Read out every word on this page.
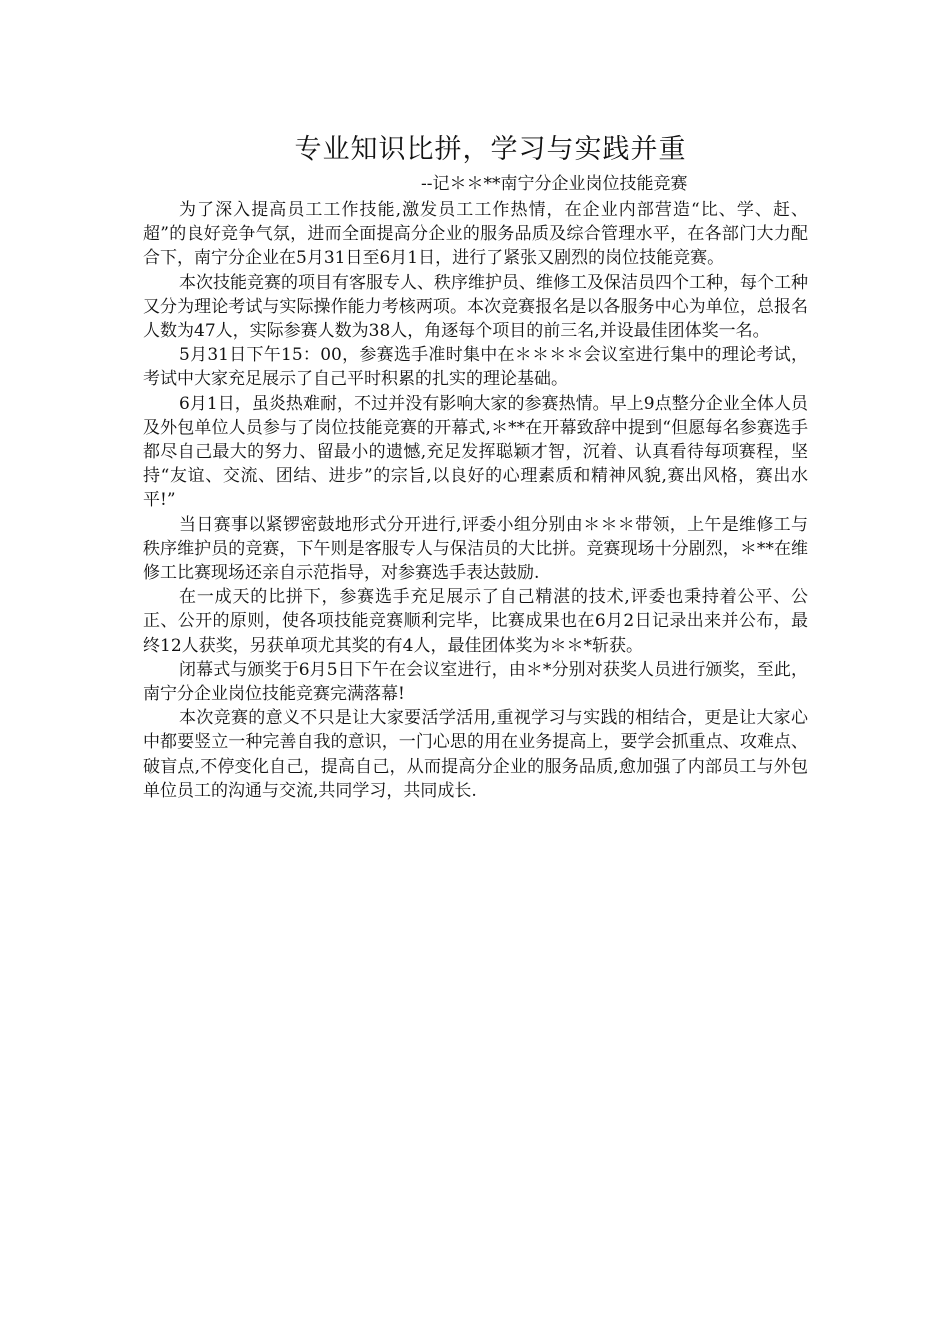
专业知识比拼，学习与实践并重

--记＊＊**南宁分企业岗位技能竞赛

为了深入提高员工工作技能,激发员工工作热情，在企业内部营造“比、学、赶、超”的良好竞争气氛，进而全面提高分企业的服务品质及综合管理水平，在各部门大力配合下，南宁分企业在5月31日至6月1日，进行了紧张又剧烈的岗位技能竞赛。

本次技能竞赛的项目有客服专人、秩序维护员、维修工及保洁员四个工种，每个工种又分为理论考试与实际操作能力考核两项。本次竞赛报名是以各服务中心为单位，总报名人数为47人，实际参赛人数为38人，角逐每个项目的前三名,并设最佳团体奖一名。

5月31日下午15：00，参赛选手准时集中在＊＊＊＊会议室进行集中的理论考试，考试中大家充足展示了自己平时积累的扎实的理论基础。

6月1日，虽炎热难耐，不过并没有影响大家的参赛热情。早上9点整分企业全体人员及外包单位人员参与了岗位技能竞赛的开幕式,＊**在开幕致辞中提到“但愿每名参赛选手都尽自己最大的努力、留最小的遗憾,充足发挥聪颖才智，沉着、认真看待每项赛程，坚持“友谊、交流、团结、进步”的宗旨,以良好的心理素质和精神风貌,赛出风格，赛出水平!”

当日赛事以紧锣密鼓地形式分开进行,评委小组分别由＊＊＊带领，上午是维修工与秩序维护员的竞赛，下午则是客服专人与保洁员的大比拼。竞赛现场十分剧烈，＊**在维修工比赛现场还亲自示范指导，对参赛选手表达鼓励.

在一成天的比拼下，参赛选手充足展示了自己精湛的技术,评委也秉持着公平、公正、公开的原则，使各项技能竞赛顺利完毕，比赛成果也在6月2日记录出来并公布，最终12人获奖，另获单项尤其奖的有4人，最佳团体奖为＊＊*斩获。

闭幕式与颁奖于6月5日下午在会议室进行，由＊*分别对获奖人员进行颁奖，至此，南宁分企业岗位技能竞赛完满落幕!

本次竞赛的意义不只是让大家要活学活用,重视学习与实践的相结合，更是让大家心中都要竖立一种完善自我的意识，一门心思的用在业务提高上，要学会抓重点、攻难点、破盲点,不停变化自己，提高自己，从而提高分企业的服务品质,愈加强了内部员工与外包单位员工的沟通与交流,共同学习，共同成长.
